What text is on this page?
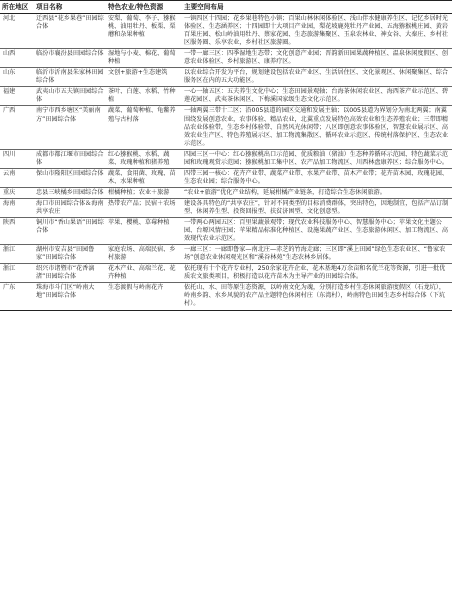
所在地区	项目名称	特色农业/特色资源	主要空间布局
河北	迁西县“花乡果巷”田园综合体	安梨、葡萄、李子、猕猴桃、油用牡丹、板栗、栗蘑和杂果种植	一镇四区十四园；花乡果巷特色小镇；百果山林休闲体验区、浅山伴水健康养生区、记忆乡居时光体验区、生态涵养区；十四园即十大项目产业园，梨花坡鹿苑牡丹产业园、五海猕猴桃庄园、黄岩百果庄园、松山岭油用牡丹、蔡家花园、生态旅游集聚区、玉泉农林业、神女谷、大秦庄、乡村社区服务圈、乐享农业，乡村社区旅游圈。
山西	临汾市襄汾县田园综合体	湿地与小麦、棉花、葡萄种植	一带一廊三区：四季湿地生态带；文化创意产业园；晋韵新田园果蔬种植区、温泉休闲度假区、创意农业体验区、乡村旅游区、康养疗区。
山东	临沂市沂南县朱家林田园综合体	文创+旅游+生态建筑	以农业综合开发为平台，规划建设包括农业产业区、生活居住区、文化景观区、休闲聚集区、综合服务区在内的五大功能区。
福建	武夷山市五夫镇田园综合体	茶叶、白莲、水稻、竹种植	一心一轴五区：五夫养生文化中心；生态田园景观轴；台海茶休闲农业区、海西茶产业示范区、碧莲花园区、武夷茶休闲区、下梅溪国家级生态文化示范区。
广西	南宁市西乡塘区“美丽南方”田园综合体	蔬菜、葡萄种植、龟鳖养殖与古村落	一轴两翼三带十二区；沿005县道的园区交通和发展主轴；以005县道为界划分为南北两翼；南翼围绕发展创意农业，农事体验、精品农业，北翼重点发展特色高效农业和生态养殖农业；三带即精品农业体验带，生态乡村体验带、自然风光休闲带；八区即创意农事体验区，智慧农业展示区、高效农业生产区、特色养殖展示区、加工物流集散区、循环农业示范区、传统村落保护区、生态农业示范区。
四川	成都市都江堰市田园综合体	红心猕猴桃、水稻、蔬菜、玫瑰种植和猪养殖	四园三区一中心：红心猕猴桃出口示范园、优质粮油（猪油）生态种养循环示范园、特色蔬菜示范园和玫瑰观赏示范园；猕猴桃加工集中区、农产品加工物流区、川西林盘康养区；综合服务中心。
云南	保山市隆阳区田园综合体	蔬菜、食用菌、玫瑰、苗木、水果种植	四带三园一核心：花卉产业带、蔬菜产业带、水果产业带、苗木产业带；花卉苗木园、玫瑰花园、生态农业园；综合服务中心。
重庆	忠县三峡橘乡田园综合体	柑橘种植；农业＋旅游	“农业+旅游”优化产业结构，延展柑橘产业链条，打造综合生态休闲旅游。
海南	海口市田园综合体＆海南共享农庄	热带农产品；民宿＋农场	建设各具特色的“共享农庄”，针对不同类型的目标消费群体，突出特色，因地制宜，包括产品订制型、休闲养生型、投资回报型、扶贫济困型、文化创意型。
陕西	铜川市“香山果语”田园综合体	苹果、樱桃、草莓种植	一带两心两园五区：百里果蔬景观带；现代农业科技服务中心、智慧服务中心；苹果文化主题公园、台塬风情庄园；苹果精品标准化种植区、设施果蔬产业区、生态旅游休闲区、加工物流区、高效现代农业示范区。
浙江	湖州市安吉县“田园鲁家”田园综合体	家庭农场、高端民宿、乡村旅游	一廊三区：一廊即鲁家—南北庄—赤芝的竹海走廊；三区即“溪上田园”绿色生态农业区、“鲁家农场”创意农业休闲观光区和“溪谷林苑”生态农林乡居体。
浙江	绍兴市诸暨市“花香漓渚”田园综合体	花木产业、高端兰花、花卉种植	依托现有十个花卉专业村，250余家花卉企业、花木基地4万余亩和名优兰花等资源，引进一批优质农文旅类项目，积极打造以花卉苗木为主导产业的田园综合体。
广东	珠海市斗门区“岭南大地”田园综合体	生态渡假与岭南花卉	依托山、水、田等原生态资源，以岭南文化为魂，分别打造乡村生态休闲旅游度假区（石龙坑），岭南乡韵、水乡风貌的农产品主题特色休闲村庄（东湾村），岭南特色田园生态乡村综合体（下坑村）。
